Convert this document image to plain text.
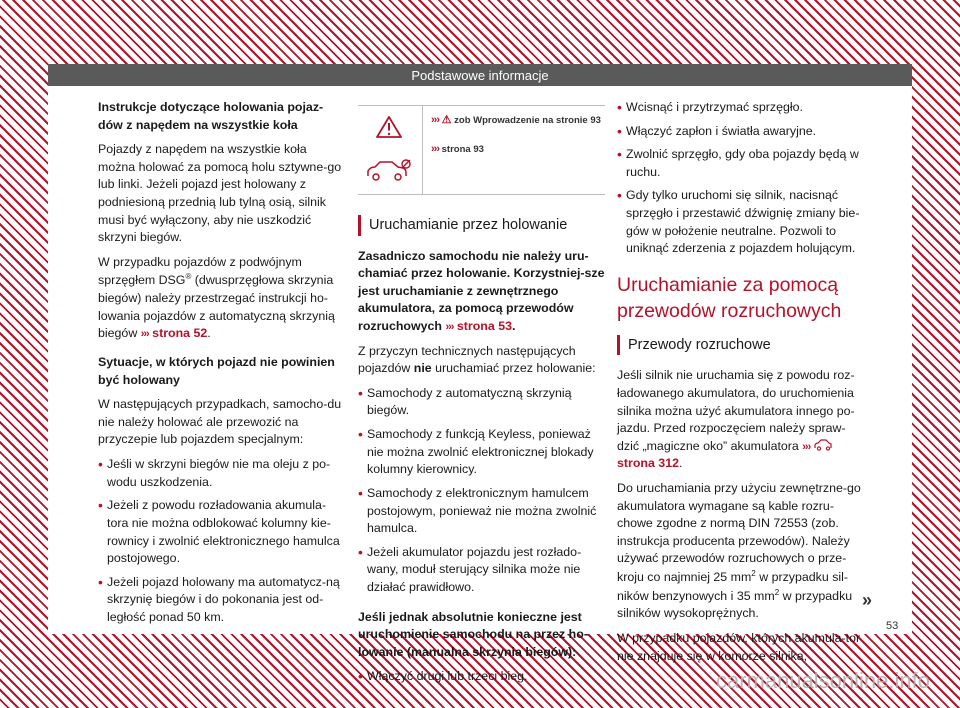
Podstawowe informacje

Instrukcje dotyczące holowania pojaz-dów z napędem na wszystkie koła

Pojazdy z napędem na wszystkie koła można holować za pomocą holu sztywne-go lub linki. Jeżeli pojazd jest holowany z podniesioną przednią lub tylną osią, silnik musi być wyłączony, aby nie uszkodzić skrzyni biegów.

W przypadku pojazdów z podwójnym sprzęgłem DSG® (dwusprzęgłowa skrzynia biegów) należy przestrzegać instrukcji ho-lowania pojazdów z automatyczną skrzynią biegów ››› strona 52.

Sytuacje, w których pojazd nie powinien być holowany

W następujących przypadkach, samocho-du nie należy holować ale przewozić na przyczepie lub pojazdem specjalnym:

• Jeśli w skrzyni biegów nie ma oleju z po-wodu uszkodzenia.
• Jeżeli z powodu rozładowania akumula-tora nie można odblokować kolumny kie-rownicy i zwolnić elektronicznego hamulca postojowego.
• Jeżeli pojazd holowany ma automatycz-ną skrzynię biegów i do pokonania jest od-ległość ponad 50 km.
››› ⚠ zob Wprowadzenie na stronie 93
››› strona 93
Uruchamianie przez holowanie

Zasadniczo samochodu nie należy uru-chamiać przez holowanie. Korzystniej-sze jest uruchamianie z zewnętrznego akumulatora, za pomocą przewodów rozruchowych ››› strona 53.

Z przyczyn technicznych następujących pojazdów nie uruchamiać przez holowanie:

• Samochody z automatyczną skrzynią biegów.
• Samochody z funkcją Keyless, ponieważ nie można zwolnić elektronicznej blokady kolumny kierownicy.
• Samochody z elektronicznym hamulcem postojowym, ponieważ nie można zwolnić hamulca.
• Jeżeli akumulator pojazdu jest rozłado-wany, moduł sterujący silnika może nie działać prawidłowo.

Jeśli jednak absolutnie konieczne jest uruchomienie samochodu na przez ho-lowanie (manualna skrzynia biegów):

• Włączyć drugi lub trzeci bieg.
• Wcisnąć i przytrzymać sprzęgło.
• Włączyć zapłon i światła awaryjne.
• Zwolnić sprzęgło, gdy oba pojazdy będą w ruchu.
• Gdy tylko uruchomi się silnik, nacisnąć sprzęgło i przestawić dźwignię zmiany bie-gów w położenie neutralne. Pozwoli to uniknąć zderzenia z pojazdem holującym.
Uruchamianie za pomocą przewodów rozruchowych
Przewody rozruchowe

Jeśli silnik nie uruchamia się z powodu roz-ładowanego akumulatora, do uruchomienia silnika można użyć akumulatora innego po-jazdu. Przed rozpoczęciem należy spraw-dzić „magiczne oko” akumulatora ›››  strona 312.

Do uruchamiania przy użyciu zewnętrzne-go akumulatora wymagane są kable rozru-chowe zgodne z normą DIN 72553 (zob. instrukcja producenta przewodów). Należy używać przewodów rozruchowych o prze-kroju co najmniej 25 $mm^2$ w przypadku sil-ników benzynowych i 35 $mm^2$ w przypadku silników wysokoprężnych.

W przypadku pojazdów, których akumula-tor nie znajduje się w komorze silnika,

»
53
carmanualsonline.info
